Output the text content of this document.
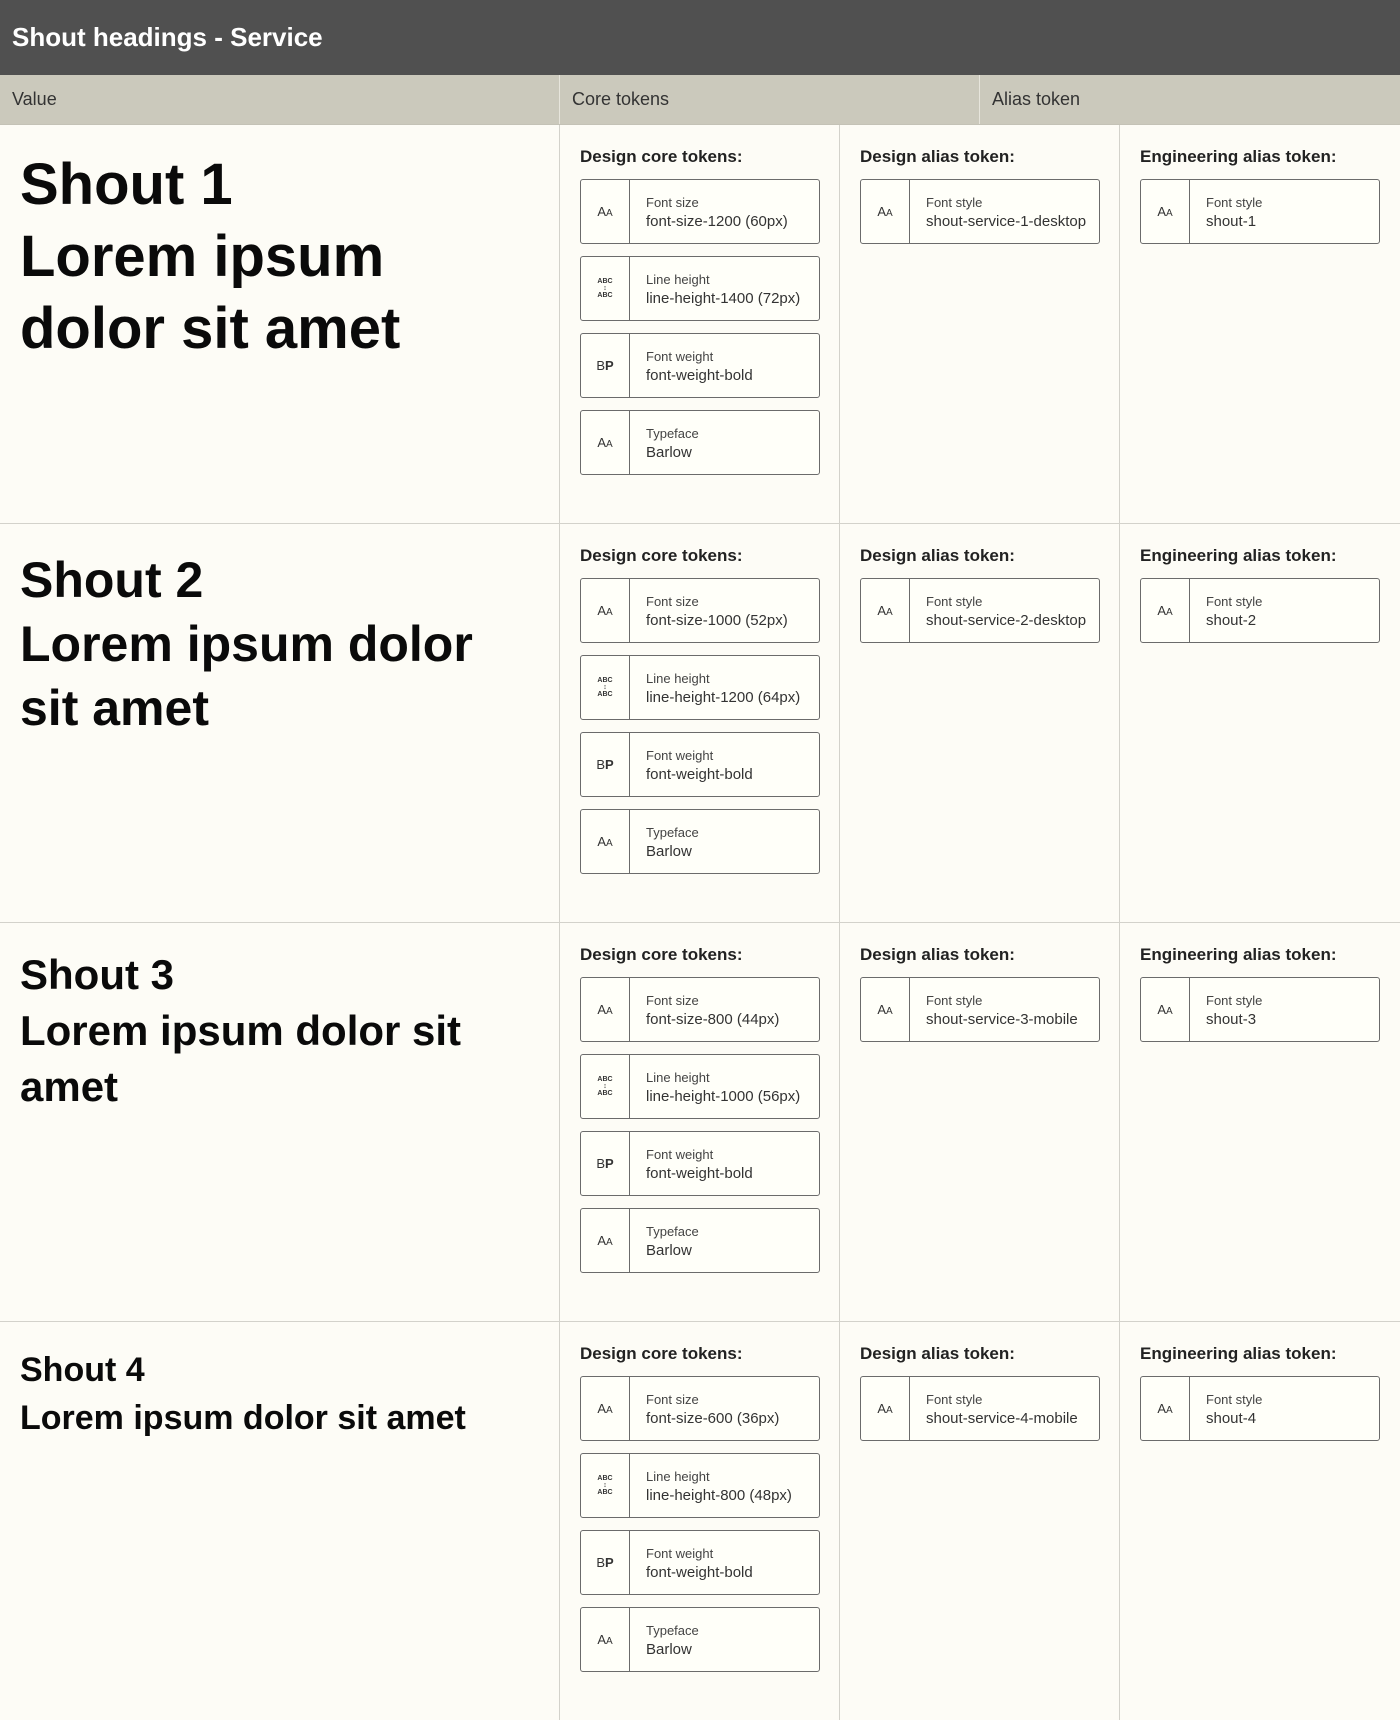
Shout headings - Service
Value	Core tokens	Alias token

Shout 1

Lorem ipsum dolor sit amet

Design core tokens:

AA
Font size
font-size-1200 (60px)
ABC
↕
ABC
Line height
line-height-1400 (72px)
BP
Font weight
font-weight-bold
AA
Typeface
Barlow

Design alias token:

AA
Font style
shout-service-1-desktop

Engineering alias token:

AA
Font style
shout-1

Shout 2

Lorem ipsum dolor sit amet

Design core tokens:

AA
Font size
font-size-1000 (52px)
ABC
↕
ABC
Line height
line-height-1200 (64px)
BP
Font weight
font-weight-bold
AA
Typeface
Barlow

Design alias token:

AA
Font style
shout-service-2-desktop

Engineering alias token:

AA
Font style
shout-2

Shout 3

Lorem ipsum dolor sit amet

Design core tokens:

AA
Font size
font-size-800 (44px)
ABC
↕
ABC
Line height
line-height-1000 (56px)
BP
Font weight
font-weight-bold
AA
Typeface
Barlow

Design alias token:

AA
Font style
shout-service-3-mobile

Engineering alias token:

AA
Font style
shout-3

Shout 4

Lorem ipsum dolor sit amet

Design core tokens:

AA
Font size
font-size-600 (36px)
ABC
↕
ABC
Line height
line-height-800 (48px)
BP
Font weight
font-weight-bold
AA
Typeface
Barlow

Design alias token:

AA
Font style
shout-service-4-mobile

Engineering alias token:

AA
Font style
shout-4
